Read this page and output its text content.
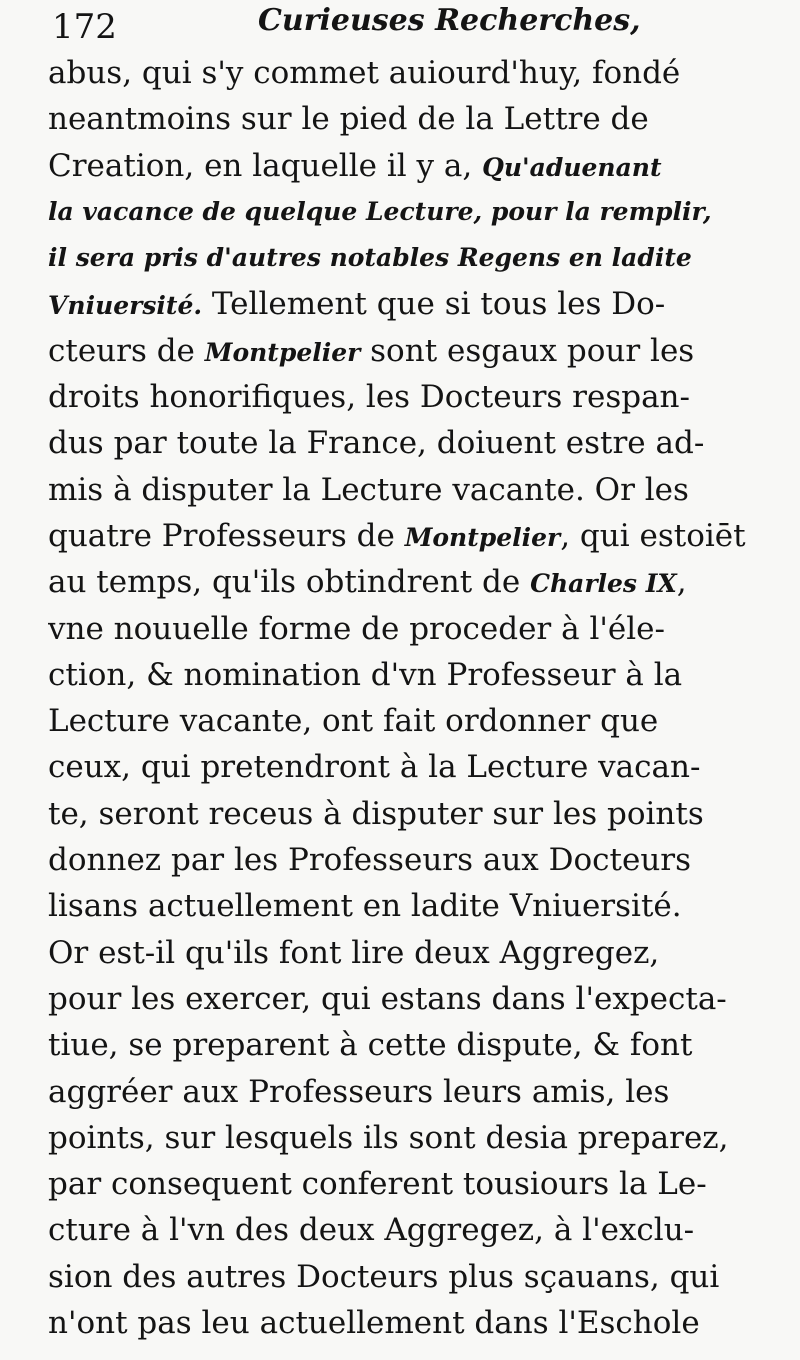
172	Curieuses Recherches,
abus, qui s'y commet auiourd'huy, fondé
neantmoins sur le pied de la Lettre de
Creation, en laquelle il y a, Qu'aduenant
la vacance de quelque Lecture, pour la remplir,
il sera pris d'autres notables Regens en ladite
Vniuersité. Tellement que si tous les Do-
cteurs de Montpelier sont esgaux pour les
droits honorifiques, les Docteurs respan-
dus par toute la France, doiuent estre ad-
mis à disputer la Lecture vacante. Or les
quatre Professeurs de Montpelier, qui estoiēt
au temps, qu'ils obtindrent de Charles IX,
vne nouuelle forme de proceder à l'éle-
ction, & nomination d'vn Professeur à la
Lecture vacante, ont fait ordonner que
ceux, qui pretendront à la Lecture vacan-
te, seront receus à disputer sur les points
donnez par les Professeurs aux Docteurs
lisans actuellement en ladite Vniuersité.
Or est-il qu'ils font lire deux Aggregez,
pour les exercer, qui estans dans l'expecta-
tiue, se preparent à cette dispute, & font
aggréer aux Professeurs leurs amis, les
points, sur lesquels ils sont desia preparez,
par consequent conferent tousiours la Le-
cture à l'vn des deux Aggregez, à l'exclu-
sion des autres Docteurs plus sçauans, qui
n'ont pas leu actuellement dans l'Eschole
